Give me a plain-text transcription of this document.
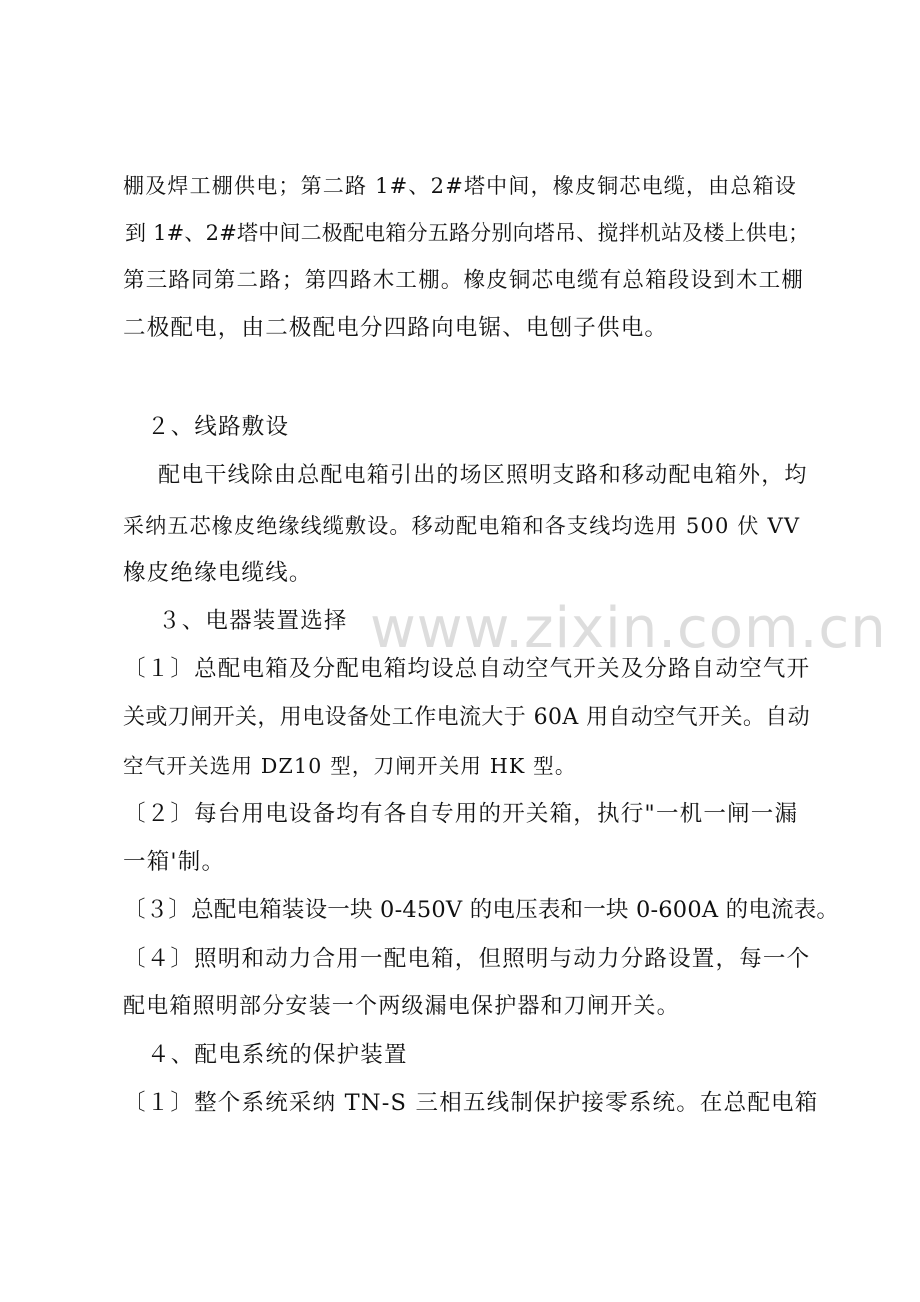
www.zixin.com.cn
棚及焊工棚供电；第二路 1#、2#塔中间，橡皮铜芯电缆，由总箱设
到 1#、2#塔中间二极配电箱分五路分别向塔吊、搅拌机站及楼上供电；
第三路同第二路；第四路木工棚。橡皮铜芯电缆有总箱段设到木工棚
二极配电，由二极配电分四路向电锯、电刨子供电。
２、线路敷设
配电干线除由总配电箱引出的场区照明支路和移动配电箱外，均
采纳五芯橡皮绝缘线缆敷设。移动配电箱和各支线均选用 500 伏 VV
橡皮绝缘电缆线。
３、电器装置选择
〔１〕总配电箱及分配电箱均设总自动空气开关及分路自动空气开
关或刀闸开关，用电设备处工作电流大于 60A 用自动空气开关。自动
空气开关选用 DZ10 型，刀闸开关用 HK 型。
〔２〕每台用电设备均有各自专用的开关箱，执行"一机一闸一漏
一箱'制。
〔３〕总配电箱装设一块 0-450V 的电压表和一块 0-600A 的电流表。
〔４〕照明和动力合用一配电箱，但照明与动力分路设置，每一个
配电箱照明部分安装一个两级漏电保护器和刀闸开关。
４、配电系统的保护装置
〔１〕整个系统采纳 TN-S 三相五线制保护接零系统。在总配电箱
